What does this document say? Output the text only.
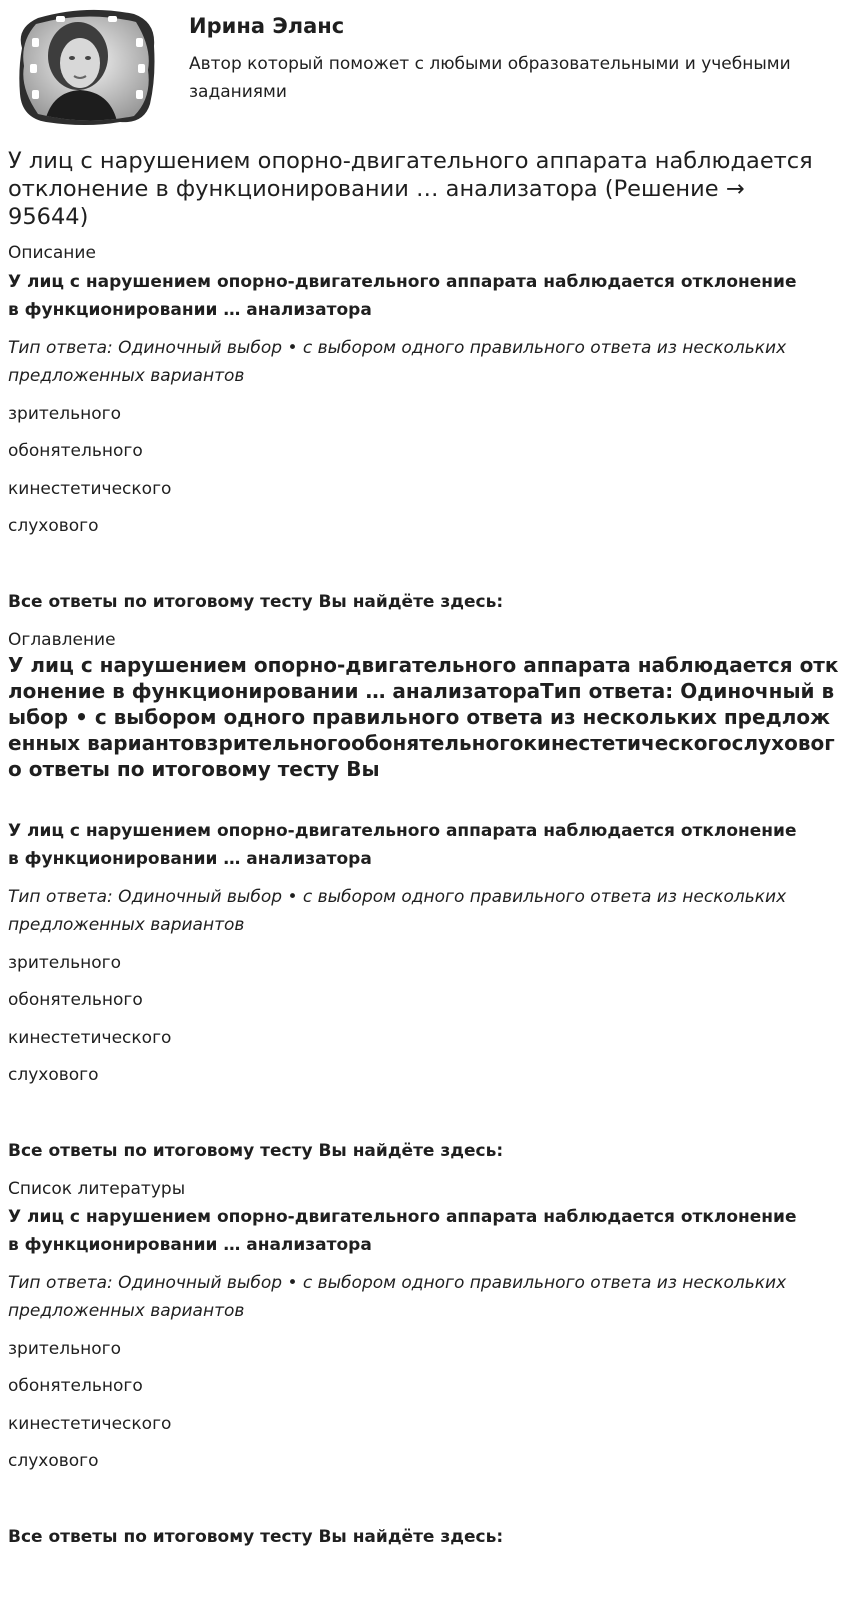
Ирина Эланс

Автор который поможет с любыми образовательными и учебными заданиями

У лиц с нарушением опорно-двигательного аппарата наблюдается отклонение в функционировании … анализатора (Решение → 95644)

Описание

У лиц с нарушением опорно-двигательного аппарата наблюдается отклонение в функционировании … анализатора

Тип ответа: Одиночный выбор • с выбором одного правильного ответа из нескольких предложенных вариантов

зрительного

обонятельного

кинестетического

слухового

Все ответы по итоговому тесту Вы найдёте здесь:

Оглавление

У лиц с нарушением опорно-двигательного аппарата наблюдается отклонение в функционировании … анализатораТип ответа: Одиночный выбор • с выбором одного правильного ответа из нескольких предложенных вариантовзрительногообонятельногокинестетическогослухового ответы по итоговому тесту Вы

У лиц с нарушением опорно-двигательного аппарата наблюдается отклонение в функционировании … анализатора

Тип ответа: Одиночный выбор • с выбором одного правильного ответа из нескольких предложенных вариантов

зрительного

обонятельного

кинестетического

слухового

Все ответы по итоговому тесту Вы найдёте здесь:

Список литературы

У лиц с нарушением опорно-двигательного аппарата наблюдается отклонение в функционировании … анализатора

Тип ответа: Одиночный выбор • с выбором одного правильного ответа из нескольких предложенных вариантов

зрительного

обонятельного

кинестетического

слухового

Все ответы по итоговому тесту Вы найдёте здесь:
